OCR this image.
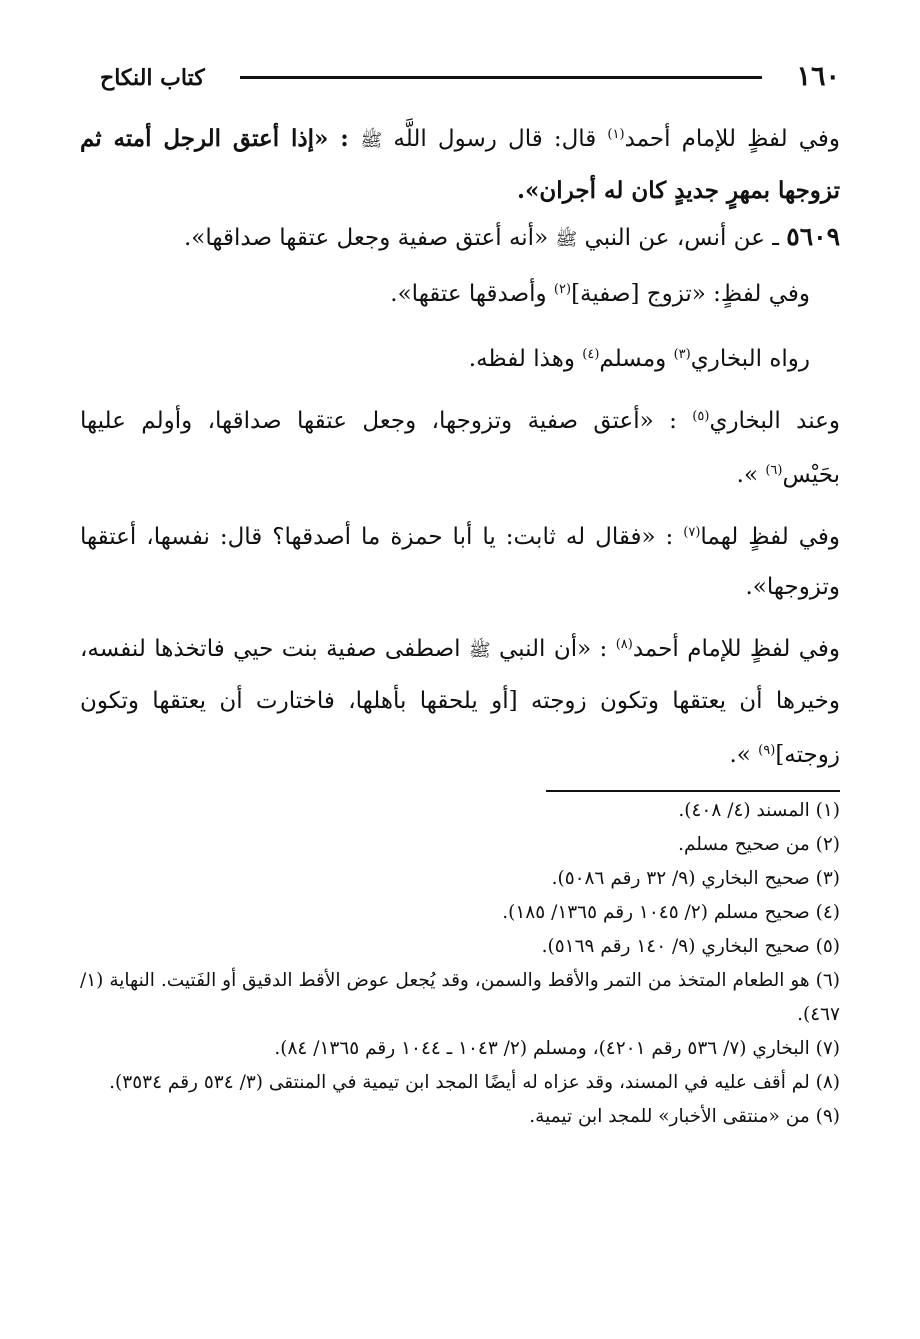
١٦٠
كتاب النكاح

وفي لفظٍ للإمام أحمد$^{(١)}$ قال: قال رسول اللَّه ﷺ : «إذا أعتق الرجل أمته ثم تزوجها بمهرٍ جديدٍ كان له أجران».

٥٦٠٩ ـ عن أنس، عن النبي ﷺ «أنه أعتق صفية وجعل عتقها صداقها».

وفي لفظٍ: «تزوج [صفية]$^{(٢)}$ وأصدقها عتقها».

رواه البخاري$^{(٣)}$ ومسلم$^{(٤)}$ وهذا لفظه.

وعند البخاري$^{(٥)}$ : «أعتق صفية وتزوجها، وجعل عتقها صداقها، وأولم عليها بحَيْس$^{(٦)}$ ».

وفي لفظٍ لهما$^{(٧)}$ : «فقال له ثابت: يا أبا حمزة ما أصدقها؟ قال: نفسها، أعتقها وتزوجها».

وفي لفظٍ للإمام أحمد$^{(٨)}$ : «أن النبي ﷺ اصطفى صفية بنت حيي فاتخذها لنفسه، وخيرها أن يعتقها وتكون زوجته [أو يلحقها بأهلها، فاختارت أن يعتقها وتكون زوجته]$^{(٩)}$ ».

(١) المسند (٤/ ٤٠٨).

(٢) من صحيح مسلم.

(٣) صحيح البخاري (٩/ ٣٢ رقم ٥٠٨٦).

(٤) صحيح مسلم (٢/ ١٠٤٥ رقم ١٣٦٥/ ١٨٥).

(٥) صحيح البخاري (٩/ ١٤٠ رقم ٥١٦٩).

(٦) هو الطعام المتخذ من التمر والأقط والسمن، وقد يُجعل عوض الأقط الدقيق أو الفَتيت. النهاية (١/ ٤٦٧).

(٧) البخاري (٧/ ٥٣٦ رقم ٤٢٠١)، ومسلم (٢/ ١٠٤٣ ـ ١٠٤٤ رقم ١٣٦٥/ ٨٤).

(٨) لم أقف عليه في المسند، وقد عزاه له أيضًا المجد ابن تيمية في المنتقى (٣/ ٥٣٤ رقم ٣٥٣٤).

(٩) من «منتقى الأخبار» للمجد ابن تيمية.
